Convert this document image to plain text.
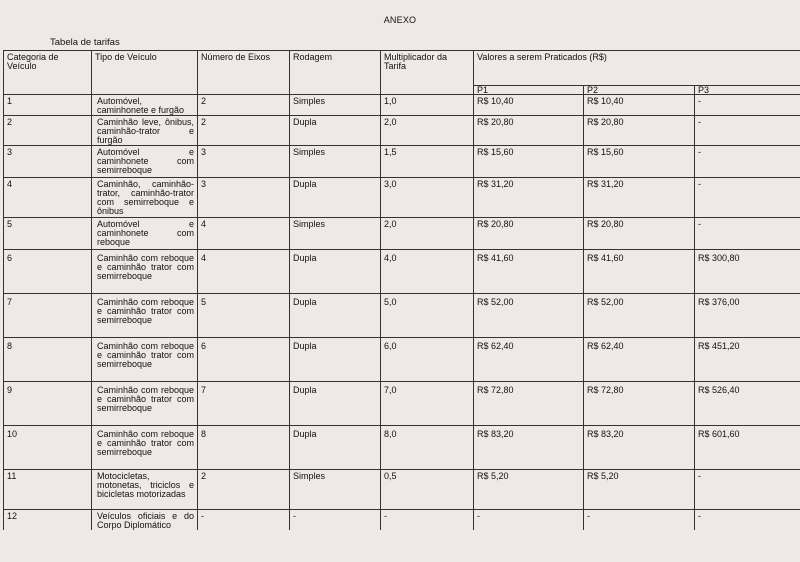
ANEXO
Tabela de tarifas
Categoria de Veículo	Tipo de Veículo	Número de Eixos	Rodagem	Multiplicador da Tarifa	Valores a serem Praticados (R$)		
					P1	P2	P3
1	Automóvel, caminhonete e furgão	2	Simples	1,0	R$ 10,40	R$ 10,40	-
2	Caminhão leve, ônibus, caminhão-trator e furgão	2	Dupla	2,0	R$ 20,80	R$ 20,80	-
3	Automóvel e caminhonete com semirreboque	3	Simples	1,5	R$ 15,60	R$ 15,60	-
4	Caminhão, caminhão-trator, caminhão-trator com semirreboque e ônibus	3	Dupla	3,0	R$ 31,20	R$ 31,20	-
5	Automóvel e caminhonete com reboque	4	Simples	2,0	R$ 20,80	R$ 20,80	-
6	Caminhão com reboque e caminhão trator com semirreboque	4	Dupla	4,0	R$ 41,60	R$ 41,60	R$ 300,80
7	Caminhão com reboque e caminhão trator com semirreboque	5	Dupla	5,0	R$ 52,00	R$ 52,00	R$ 376,00
8	Caminhão com reboque e caminhão trator com semirreboque	6	Dupla	6,0	R$ 62,40	R$ 62,40	R$ 451,20
9	Caminhão com reboque e caminhão trator com semirreboque	7	Dupla	7,0	R$ 72,80	R$ 72,80	R$ 526,40
10	Caminhão com reboque e caminhão trator com semirreboque	8	Dupla	8,0	R$ 83,20	R$ 83,20	R$ 601,60
11	Motocicletas, motonetas, triciclos e bicicletas motorizadas	2	Simples	0,5	R$ 5,20	R$ 5,20	-
12	Veículos oficiais e do Corpo Diplomático	-	-	-	-	-	-
